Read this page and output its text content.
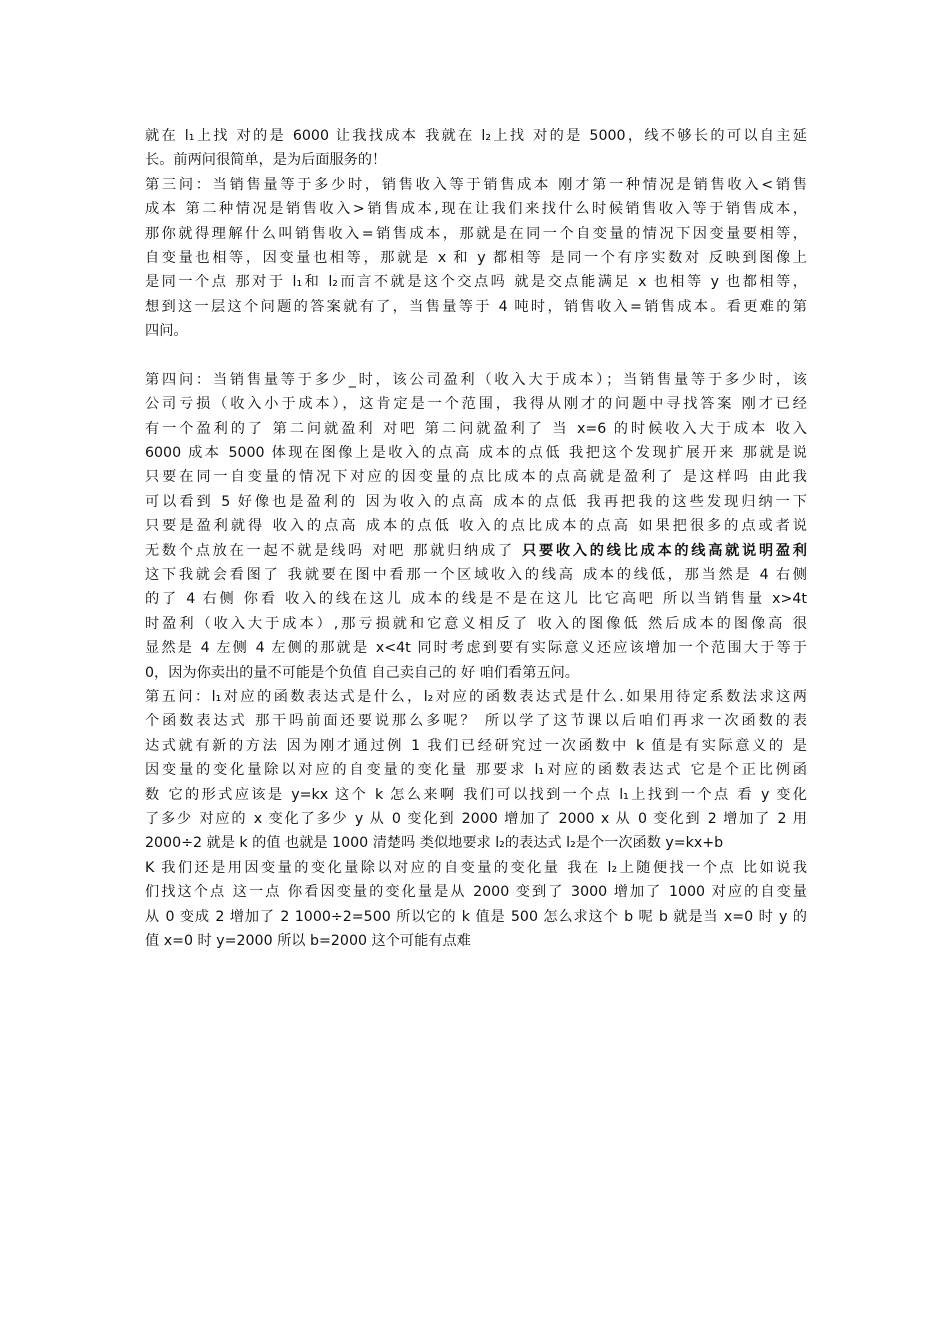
就在 l₁上找 对的是 6000 让我找成本 我就在 l₂上找 对的是 5000，线不够长的可以自主延
长。前两问很简单，是为后面服务的！
第三问：当销售量等于多少时，销售收入等于销售成本 刚才第一种情况是销售收入<销售
成本 第二种情况是销售收入>销售成本,现在让我们来找什么时候销售收入等于销售成本，
那你就得理解什么叫销售收入=销售成本，那就是在同一个自变量的情况下因变量要相等，
自变量也相等，因变量也相等，那就是 x 和 y 都相等 是同一个有序实数对 反映到图像上
是同一个点 那对于 l₁和 l₂而言不就是这个交点吗 就是交点能满足 x 也相等 y 也都相等，
想到这一层这个问题的答案就有了，当售量等于 4 吨时，销售收入=销售成本。看更难的第
四问。
第四问：当销售量等于多少_时，该公司盈利（收入大于成本）；当销售量等于多少时，该
公司亏损（收入小于成本），这肯定是一个范围，我得从刚才的问题中寻找答案 刚才已经
有一个盈利的了 第二问就盈利 对吧 第二问就盈利了 当 x=6 的时候收入大于成本 收入
6000 成本 5000 体现在图像上是收入的点高 成本的点低 我把这个发现扩展开来 那就是说
只要在同一自变量的情况下对应的因变量的点比成本的点高就是盈利了 是这样吗 由此我
可以看到 5 好像也是盈利的 因为收入的点高 成本的点低 我再把我的这些发现归纳一下
只要是盈利就得 收入的点高 成本的点低 收入的点比成本的点高 如果把很多的点或者说
无数个点放在一起不就是线吗 对吧 那就归纳成了 只要收入的线比成本的线高就说明盈利
这下我就会看图了 我就要在图中看那一个区域收入的线高 成本的线低，那当然是 4 右侧
的了 4 右侧 你看 收入的线在这儿 成本的线是不是在这儿 比它高吧 所以当销售量 x>4t
时盈利（收入大于成本）,那亏损就和它意义相反了 收入的图像低 然后成本的图像高 很
显然是 4 左侧 4 左侧的那就是 x<4t 同时考虑到要有实际意义还应该增加一个范围大于等于
0，因为你卖出的量不可能是个负值 自己卖自己的 好 咱们看第五问。
第五问：l₁对应的函数表达式是什么，l₂对应的函数表达式是什么.如果用待定系数法求这两
个函数表达式 那干吗前面还要说那么多呢？ 所以学了这节课以后咱们再求一次函数的表
达式就有新的方法 因为刚才通过例 1 我们已经研究过一次函数中 k 值是有实际意义的 是
因变量的变化量除以对应的自变量的变化量 那要求 l₁对应的函数表达式 它是个正比例函
数 它的形式应该是 y=kx 这个 k 怎么来啊 我们可以找到一个点 l₁上找到一个点 看 y 变化
了多少 对应的 x 变化了多少 y 从 0 变化到 2000 增加了 2000 x 从 0 变化到 2 增加了 2 用
2000÷2 就是 k 的值 也就是 1000 清楚吗 类似地要求 l₂的表达式 l₂是个一次函数 y=kx+b
K 我们还是用因变量的变化量除以对应的自变量的变化量 我在 l₂上随便找一个点 比如说我
们找这个点 这一点 你看因变量的变化量是从 2000 变到了 3000 增加了 1000 对应的自变量
从 0 变成 2 增加了 2 1000÷2=500 所以它的 k 值是 500 怎么求这个 b 呢 b 就是当 x=0 时 y 的
值 x=0 时 y=2000 所以 b=2000 这个可能有点难
